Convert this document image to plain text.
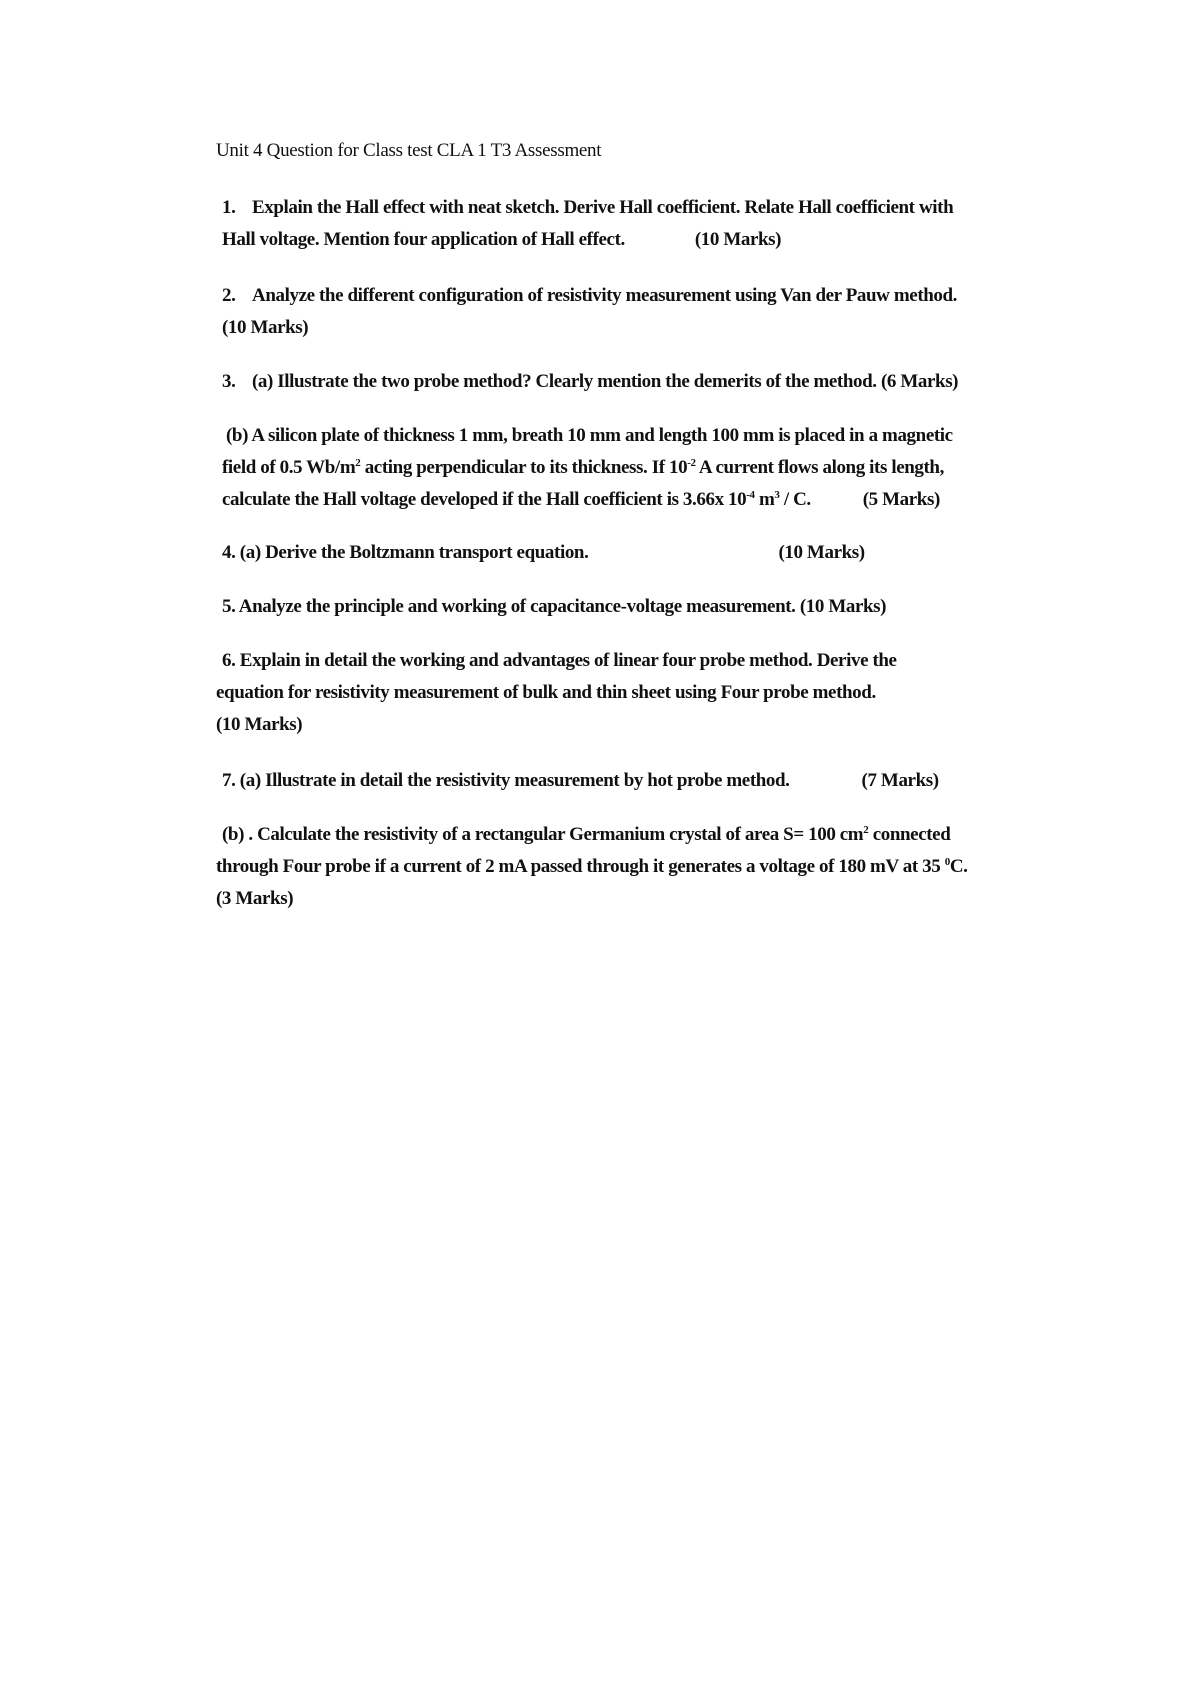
Unit 4 Question for Class test CLA 1 T3 Assessment
1. Explain the Hall effect with neat sketch. Derive Hall coefficient. Relate Hall coefficient with
Hall voltage. Mention four application of Hall effect.	(10 Marks)
2. Analyze the different configuration of resistivity measurement using Van der Pauw method.
(10 Marks)
3. (a) Illustrate the two probe method? Clearly mention the demerits of the method. (6 Marks)
(b) A silicon plate of thickness 1 mm, breath 10 mm and length 100 mm is placed in a magnetic
field of 0.5 $Wb/m^2$ acting perpendicular to its thickness. If $10^{-2}$ A current flows along its length,
calculate the Hall voltage developed if the Hall coefficient is 3.66x $10^{-4}$ $m^3$ / C.	(5 Marks)
4. (a) Derive the Boltzmann transport equation.	(10 Marks)
5. Analyze the principle and working of capacitance-voltage measurement. (10 Marks)
6. Explain in detail the working and advantages of linear four probe method. Derive the
equation for resistivity measurement of bulk and thin sheet using Four probe method.
(10 Marks)
7. (a) Illustrate in detail the resistivity measurement by hot probe method.	(7 Marks)
(b) . Calculate the resistivity of a rectangular Germanium crystal of area S= 100 $cm^2$ connected
through Four probe if a current of 2 mA passed through it generates a voltage of 180 mV at 35 $^0$C.
(3 Marks)
